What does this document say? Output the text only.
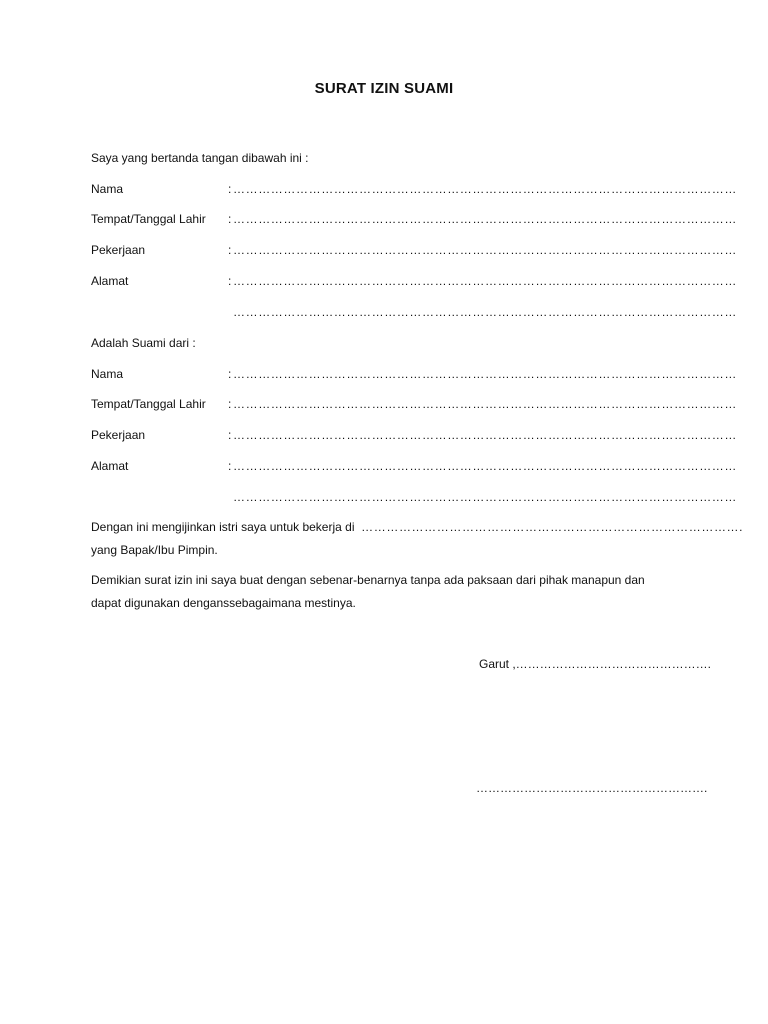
SURAT IZIN SUAMI
Saya yang bertanda tangan dibawah ini :
Nama	: …………………………………………………………………………………………………………
Tempat/Tanggal Lahir : …………………………………………………………………………………………………………
Pekerjaan	: …………………………………………………………………………………………………………
Alamat	: …………………………………………………………………………………………………………
…………………………………………………………………………………………………………
Adalah Suami dari :
Nama	: …………………………………………………………………………………………………………
Tempat/Tanggal Lahir : …………………………………………………………………………………………………………
Pekerjaan	: …………………………………………………………………………………………………………
Alamat	: …………………………………………………………………………………………………………
…………………………………………………………………………………………………………
Dengan ini mengijinkan istri saya untuk bekerja di ……………………………………………………………………………….
yang Bapak/Ibu Pimpin.
Demikian surat izin ini saya buat dengan sebenar-benarnya tanpa ada paksaan dari pihak manapun dan
dapat digunakan denganssebagaimana mestinya.
Garut ,………………………………………….
………………………………………………….
